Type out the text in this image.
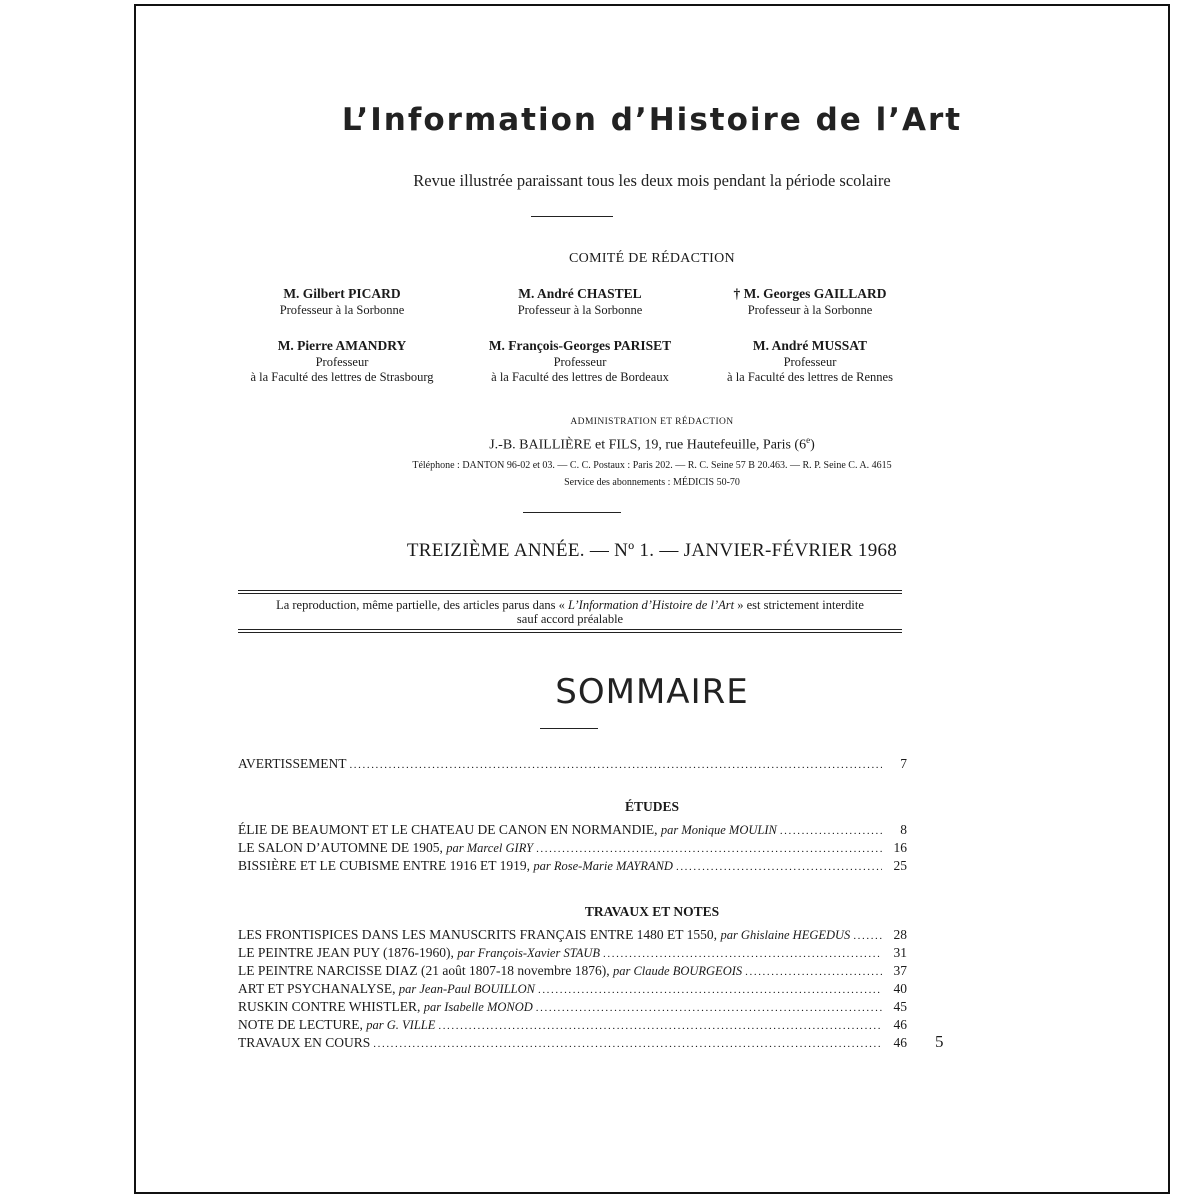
L’Information d’Histoire de l’Art
Revue illustrée paraissant tous les deux mois pendant la période scolaire
COMITÉ DE RÉDACTION
M. Gilbert PICARD
Professeur à la Sorbonne
M. André CHASTEL
Professeur à la Sorbonne
† M. Georges GAILLARD
Professeur à la Sorbonne
M. Pierre AMANDRY
Professeur
à la Faculté des lettres de Strasbourg
M. François-Georges PARISET
Professeur
à la Faculté des lettres de Bordeaux
M. André MUSSAT
Professeur
à la Faculté des lettres de Rennes
ADMINISTRATION ET RÉDACTION
J.-B. BAILLIÈRE et FILS, 19, rue Hautefeuille, Paris (6e)
Téléphone : DANTON 96-02 et 03. — C. C. Postaux : Paris 202. — R. C. Seine 57 B 20.463. — R. P. Seine C. A. 4615
Service des abonnements : MÉDICIS 50-70
TREIZIÈME ANNÉE. — Nº 1. — JANVIER-FÉVRIER 1968
La reproduction, même partielle, des articles parus dans « L’Information d’Histoire de l’Art » est strictement interdite
sauf accord préalable
SOMMAIRE
AVERTISSEMENT .....	7
ÉTUDES
ÉLIE DE BEAUMONT ET LE CHATEAU DE CANON EN NORMANDIE, par Monique MOULIN .....	8
LE SALON D’AUTOMNE DE 1905, par Marcel GIRY .....	16
BISSIÈRE ET LE CUBISME ENTRE 1916 ET 1919, par Rose-Marie MAYRAND .....	25
TRAVAUX ET NOTES
LES FRONTISPICES DANS LES MANUSCRITS FRANÇAIS ENTRE 1480 ET 1550, par Ghislaine HEGEDUS .....	28
LE PEINTRE JEAN PUY (1876-1960), par François-Xavier STAUB .....	31
LE PEINTRE NARCISSE DIAZ (21 août 1807-18 novembre 1876), par Claude BOURGEOIS .....	37
ART ET PSYCHANALYSE, par Jean-Paul BOUILLON .....	40
RUSKIN CONTRE WHISTLER, par Isabelle MONOD .....	45
NOTE DE LECTURE, par G. VILLE .....	46
TRAVAUX EN COURS .....	46 5
